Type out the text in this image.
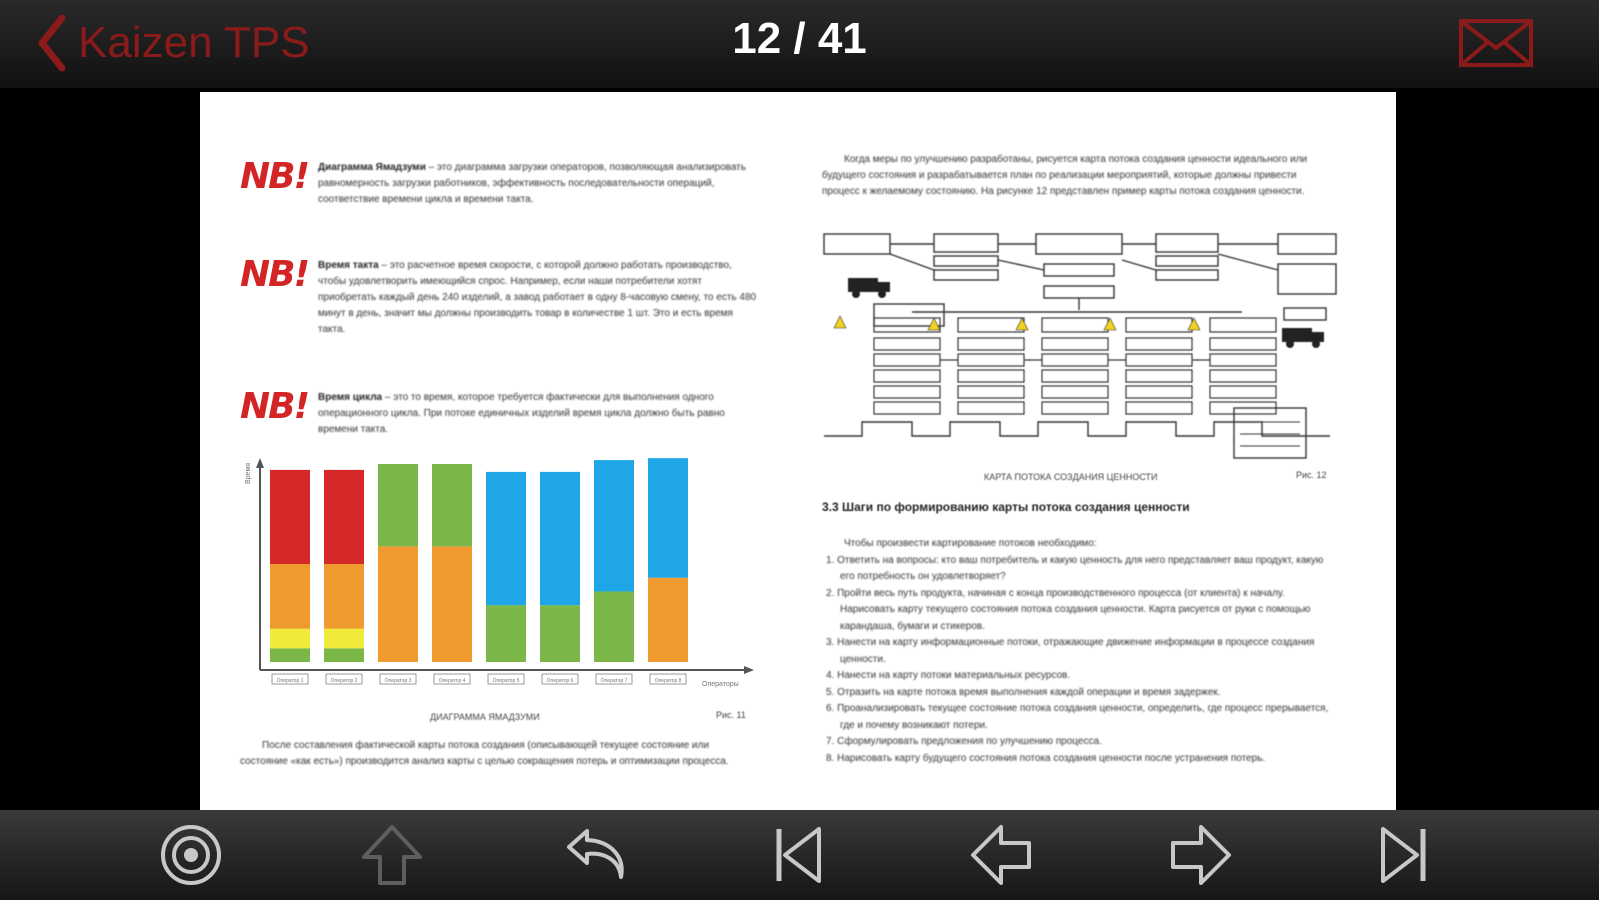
Kaizen TPS	12 / 41
NB! Диаграмма Ямадзуми – это диаграмма загрузки операторов, позволяющая анализировать равномерность загрузки работников, эффективность последовательности операций, соответствие времени цикла и времени такта.
NB! Время такта – это расчетное время скорости, с которой должно работать производство, чтобы удовлетворить имеющийся спрос. Например, если наши потребители хотят приобретать каждый день 240 изделий, а завод работает в одну 8-часовую смену, то есть 480 минут в день, значит мы должны производить товар в количестве 1 шт. Это и есть время такта.
NB! Время цикла – это то время, которое требуется фактически для выполнения одного операционного цикла. При потоке единичных изделий время цикла должно быть равно времени такта.
Время
Операторы
Оператор 1	Оператор 2	Оператор 3	Оператор 4	Оператор 5	Оператор 6	Оператор 7	Оператор 8
ДИАГРАММА ЯМАДЗУМИ	Рис. 11
После составления фактической карты потока создания (описывающей текущее состояние или состояние «как есть») производится анализ карты с целью сокращения потерь и оптимизации процесса.
Когда меры по улучшению разработаны, рисуется карта потока создания ценности идеального или будущего состояния и разрабатывается план по реализации мероприятий, которые должны привести процесс к желаемому состоянию. На рисунке 12 представлен пример карты потока создания ценности.
КАРТА ПОТОКА СОЗДАНИЯ ЦЕННОСТИ	Рис. 12
3.3 Шаги по формированию карты потока создания ценности
Чтобы произвести картирование потоков необходимо:
1. Ответить на вопросы: кто ваш потребитель и какую ценность для него представляет ваш продукт, какую его потребность он удовлетворяет?
2. Пройти весь путь продукта, начиная с конца производственного процесса (от клиента) к началу. Нарисовать карту текущего состояния потока создания ценности. Карта рисуется от руки с помощью карандаша, бумаги и стикеров.
3. Нанести на карту информационные потоки, отражающие движение информации в процессе создания ценности.
4. Нанести на карту потоки материальных ресурсов.
5. Отразить на карте потока время выполнения каждой операции и время задержек.
6. Проанализировать текущее состояние потока создания ценности, определить, где процесс прерывается, где и почему возникают потери.
7. Сформулировать предложения по улучшению процесса.
8. Нарисовать карту будущего состояния потока создания ценности после устранения потерь.
